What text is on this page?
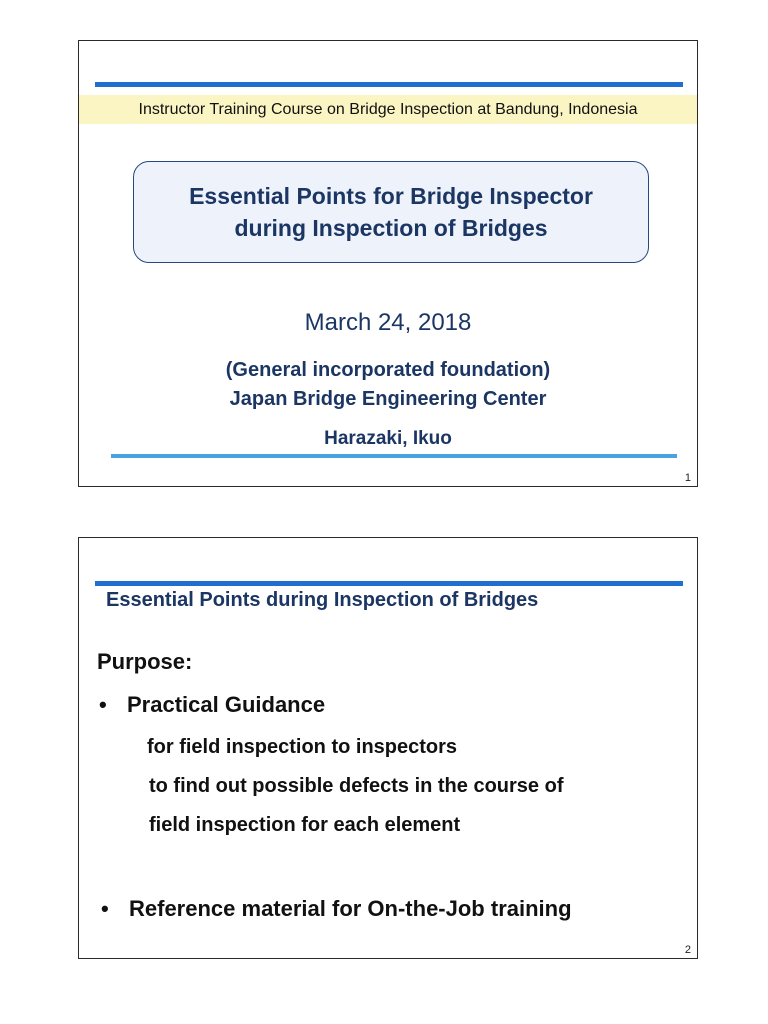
Instructor Training Course on Bridge Inspection at Bandung, Indonesia
Essential Points for Bridge Inspector
during Inspection of Bridges
March 24, 2018
(General incorporated foundation)
Japan Bridge Engineering Center
Harazaki, Ikuo
1
Essential Points during Inspection of Bridges
Purpose:
• Practical Guidance
for field inspection to inspectors
to find out possible defects in the course of
field inspection for each element
• Reference material for On-the-Job training
2
